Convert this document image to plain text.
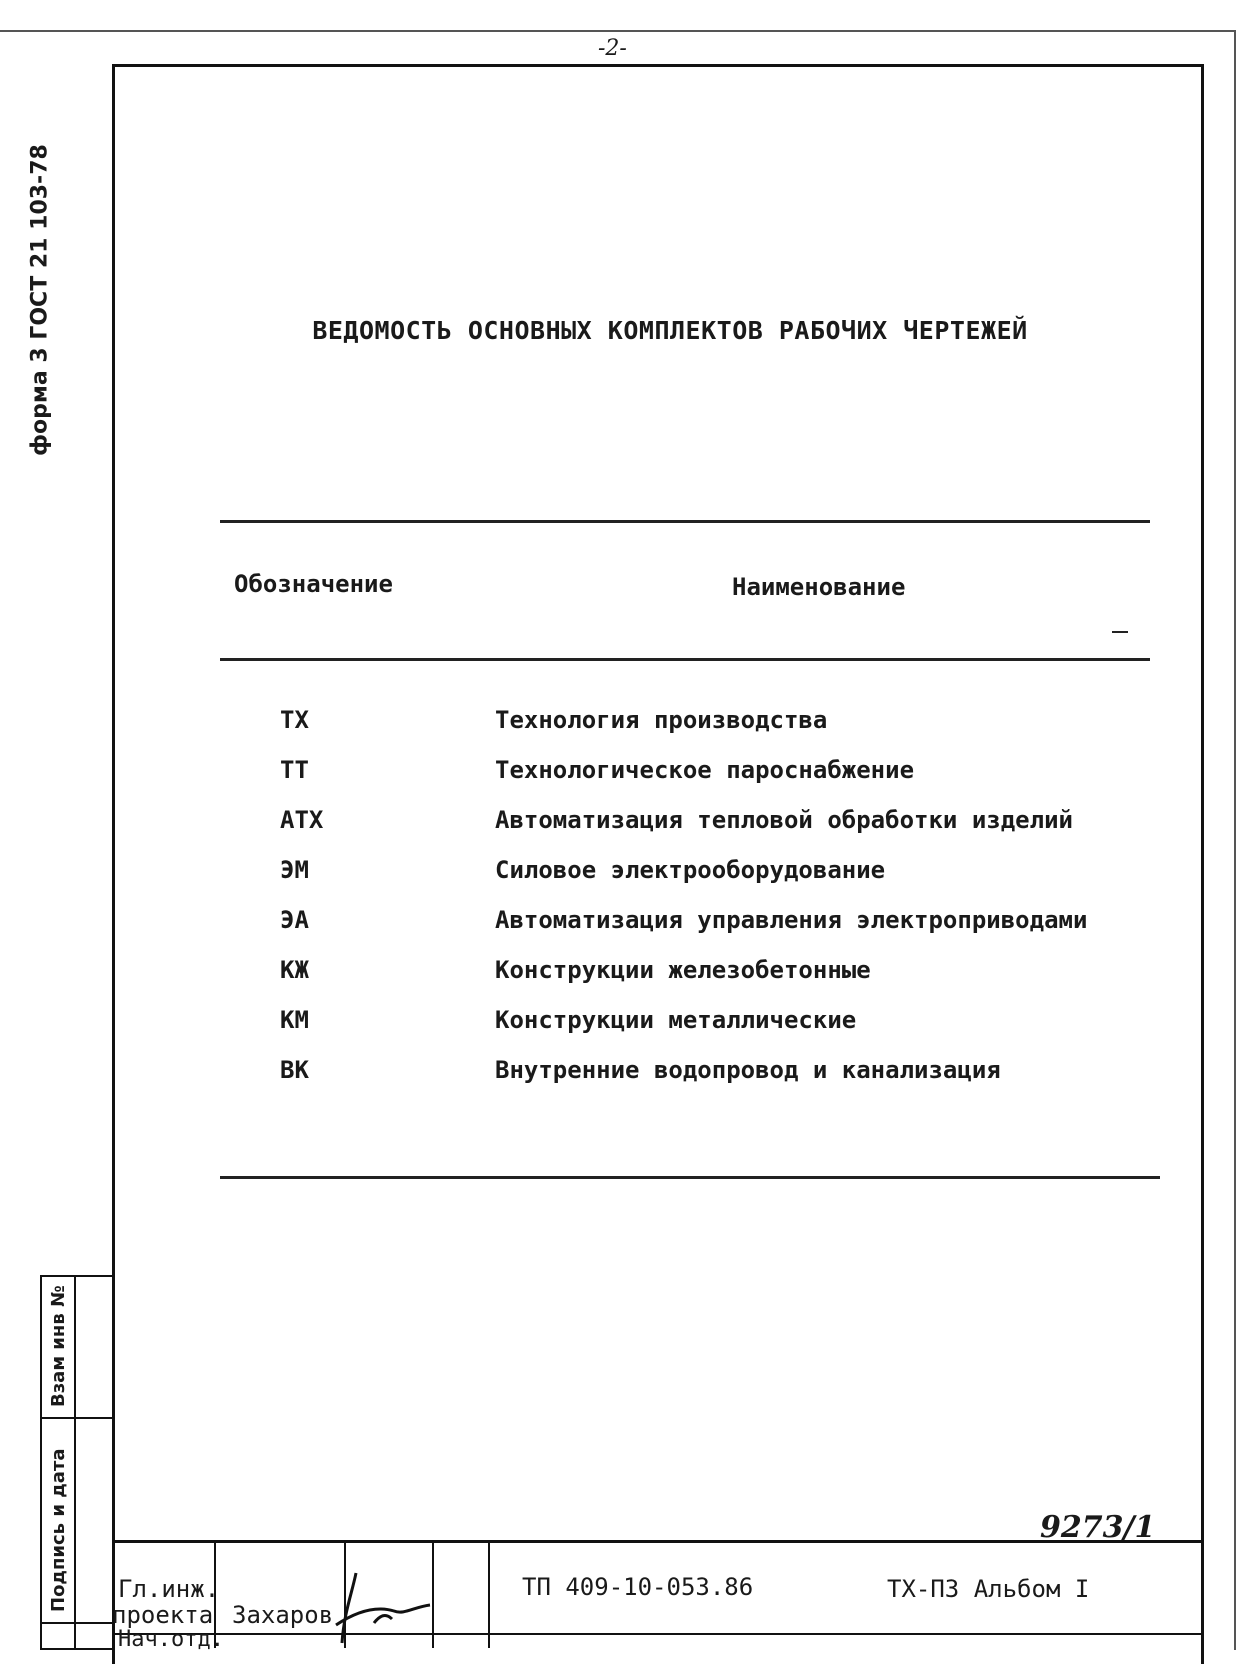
-2-
форма 3 ГОСТ 21 103-78	ВЕДОМОСТЬ ОСНОВНЫХ КОМПЛЕКТОВ РАБОЧИХ ЧЕРТЕЖЕЙ
Обозначение	Наименование
ТХ	Технология производства
ТТ	Технологическое пароснабжение
АТХ	Автоматизация тепловой обработки изделий
ЭМ	Силовое электрооборудование
ЭА	Автоматизация управления электроприводами
КЖ	Конструкции железобетонные
КМ	Конструкции металлические
ВК	Внутренние водопровод и канализация
9273/1
Взам инв №
Подпись и дата Гл.инж.
проекта Захаров
Нач.отд.
ТП 409-10-053.86	ТХ-ПЗ Альбом I
